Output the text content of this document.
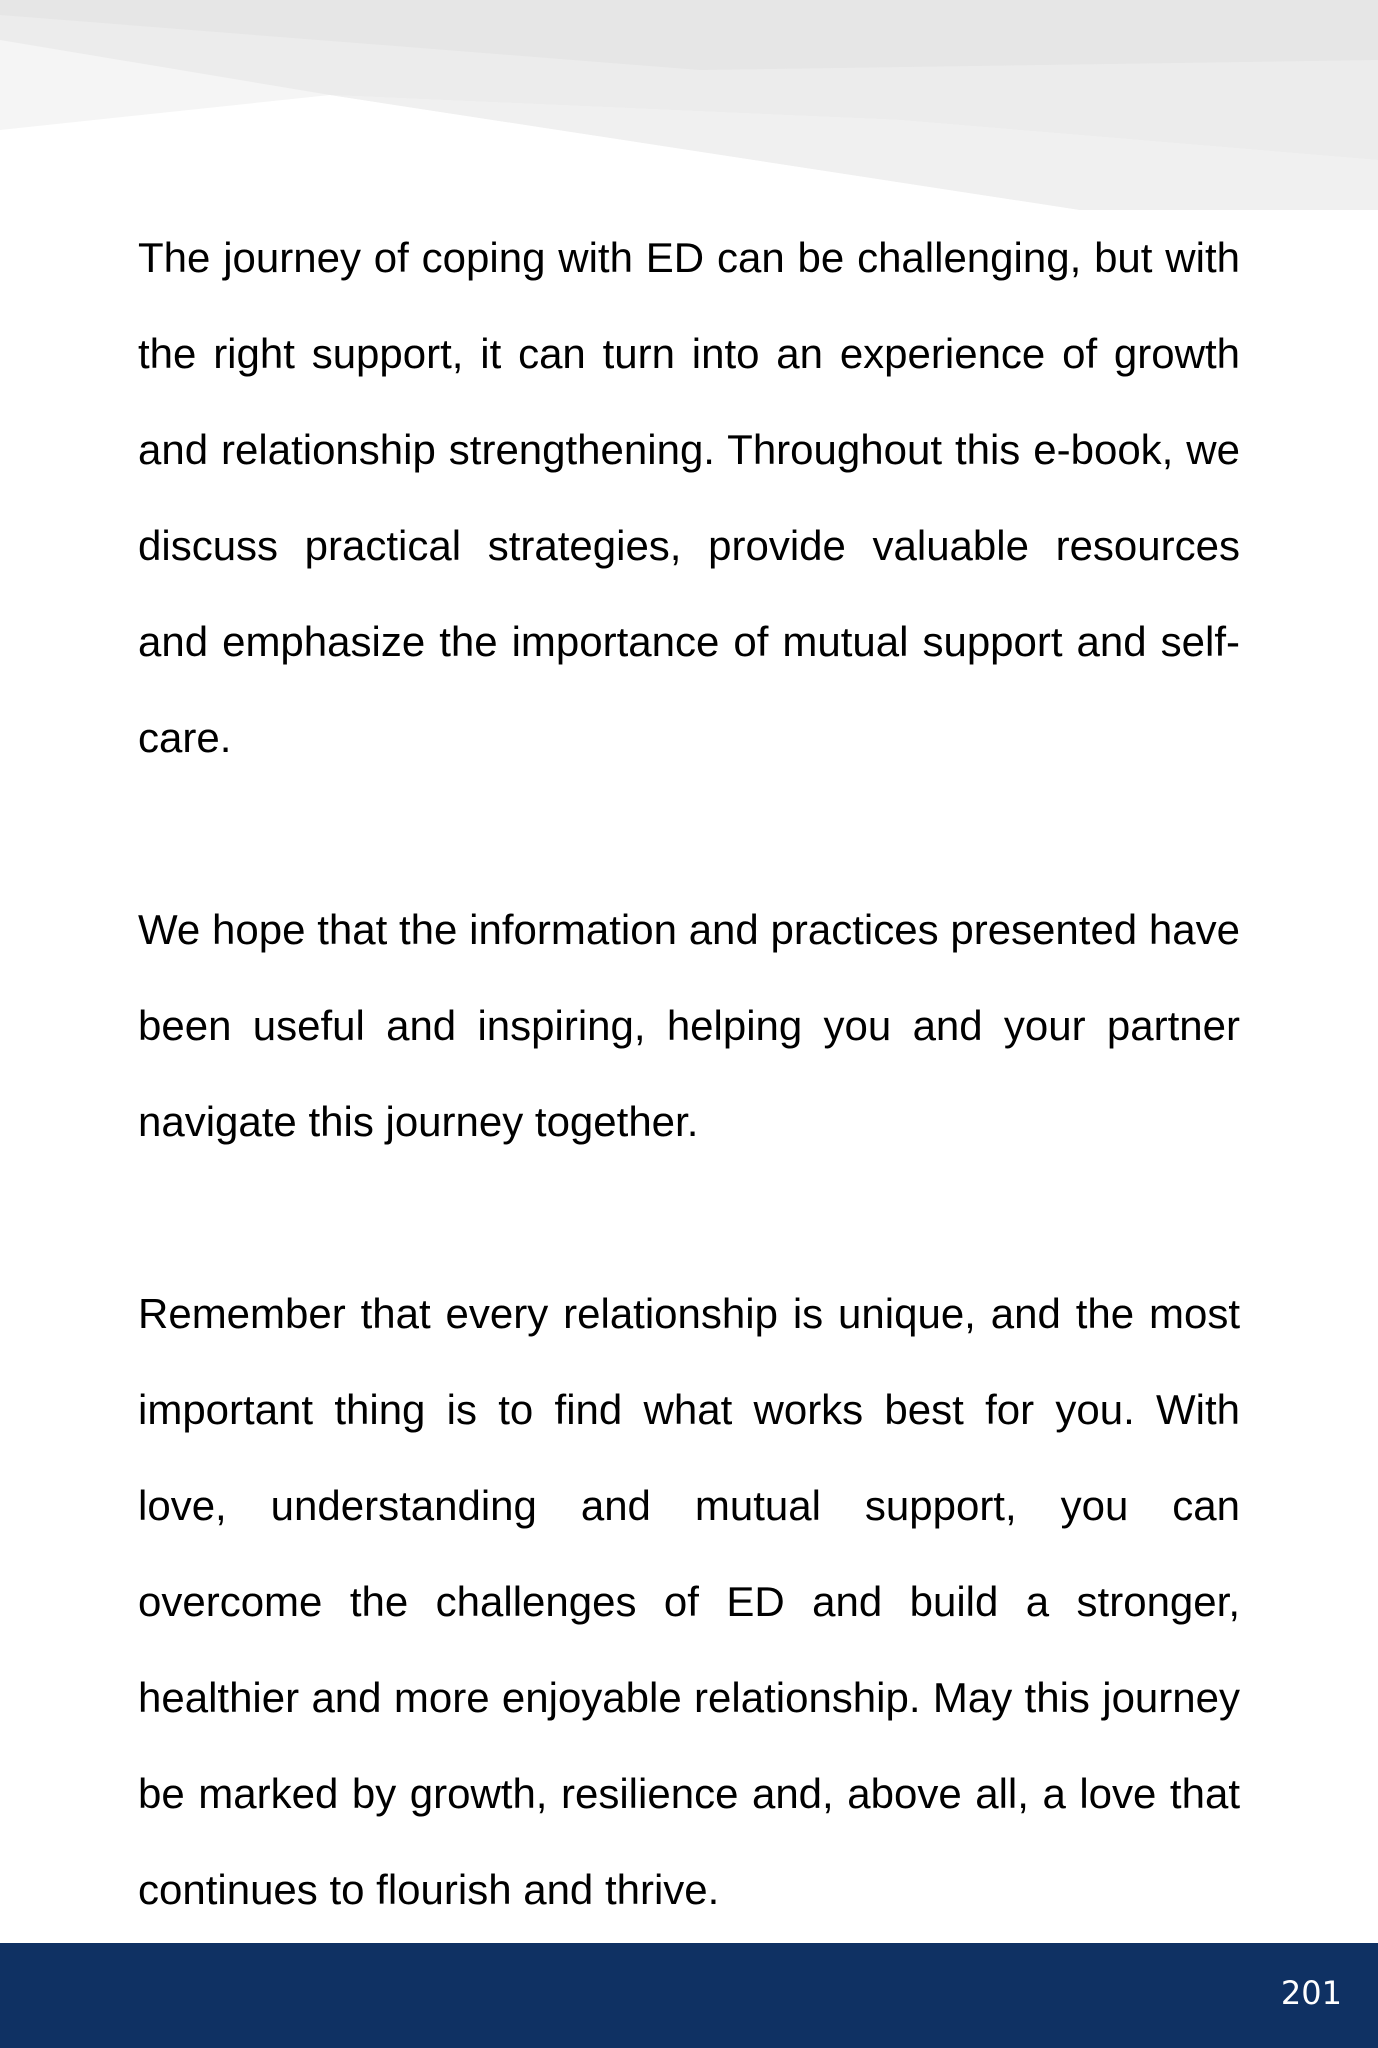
The journey of coping with ED can be challenging, but with the right support, it can turn into an experience of growth and relationship strengthening. Throughout this e-book, we discuss practical strategies, provide valuable resources and emphasize the importance of mutual support and self-care.

We hope that the information and practices presented have been useful and inspiring, helping you and your partner navigate this journey together.

Remember that every relationship is unique, and the most important thing is to find what works best for you. With love, understanding and mutual support, you can overcome the challenges of ED and build a stronger, healthier and more enjoyable relationship. May this journey be marked by growth, resilience and, above all, a love that continues to flourish and thrive.

201
